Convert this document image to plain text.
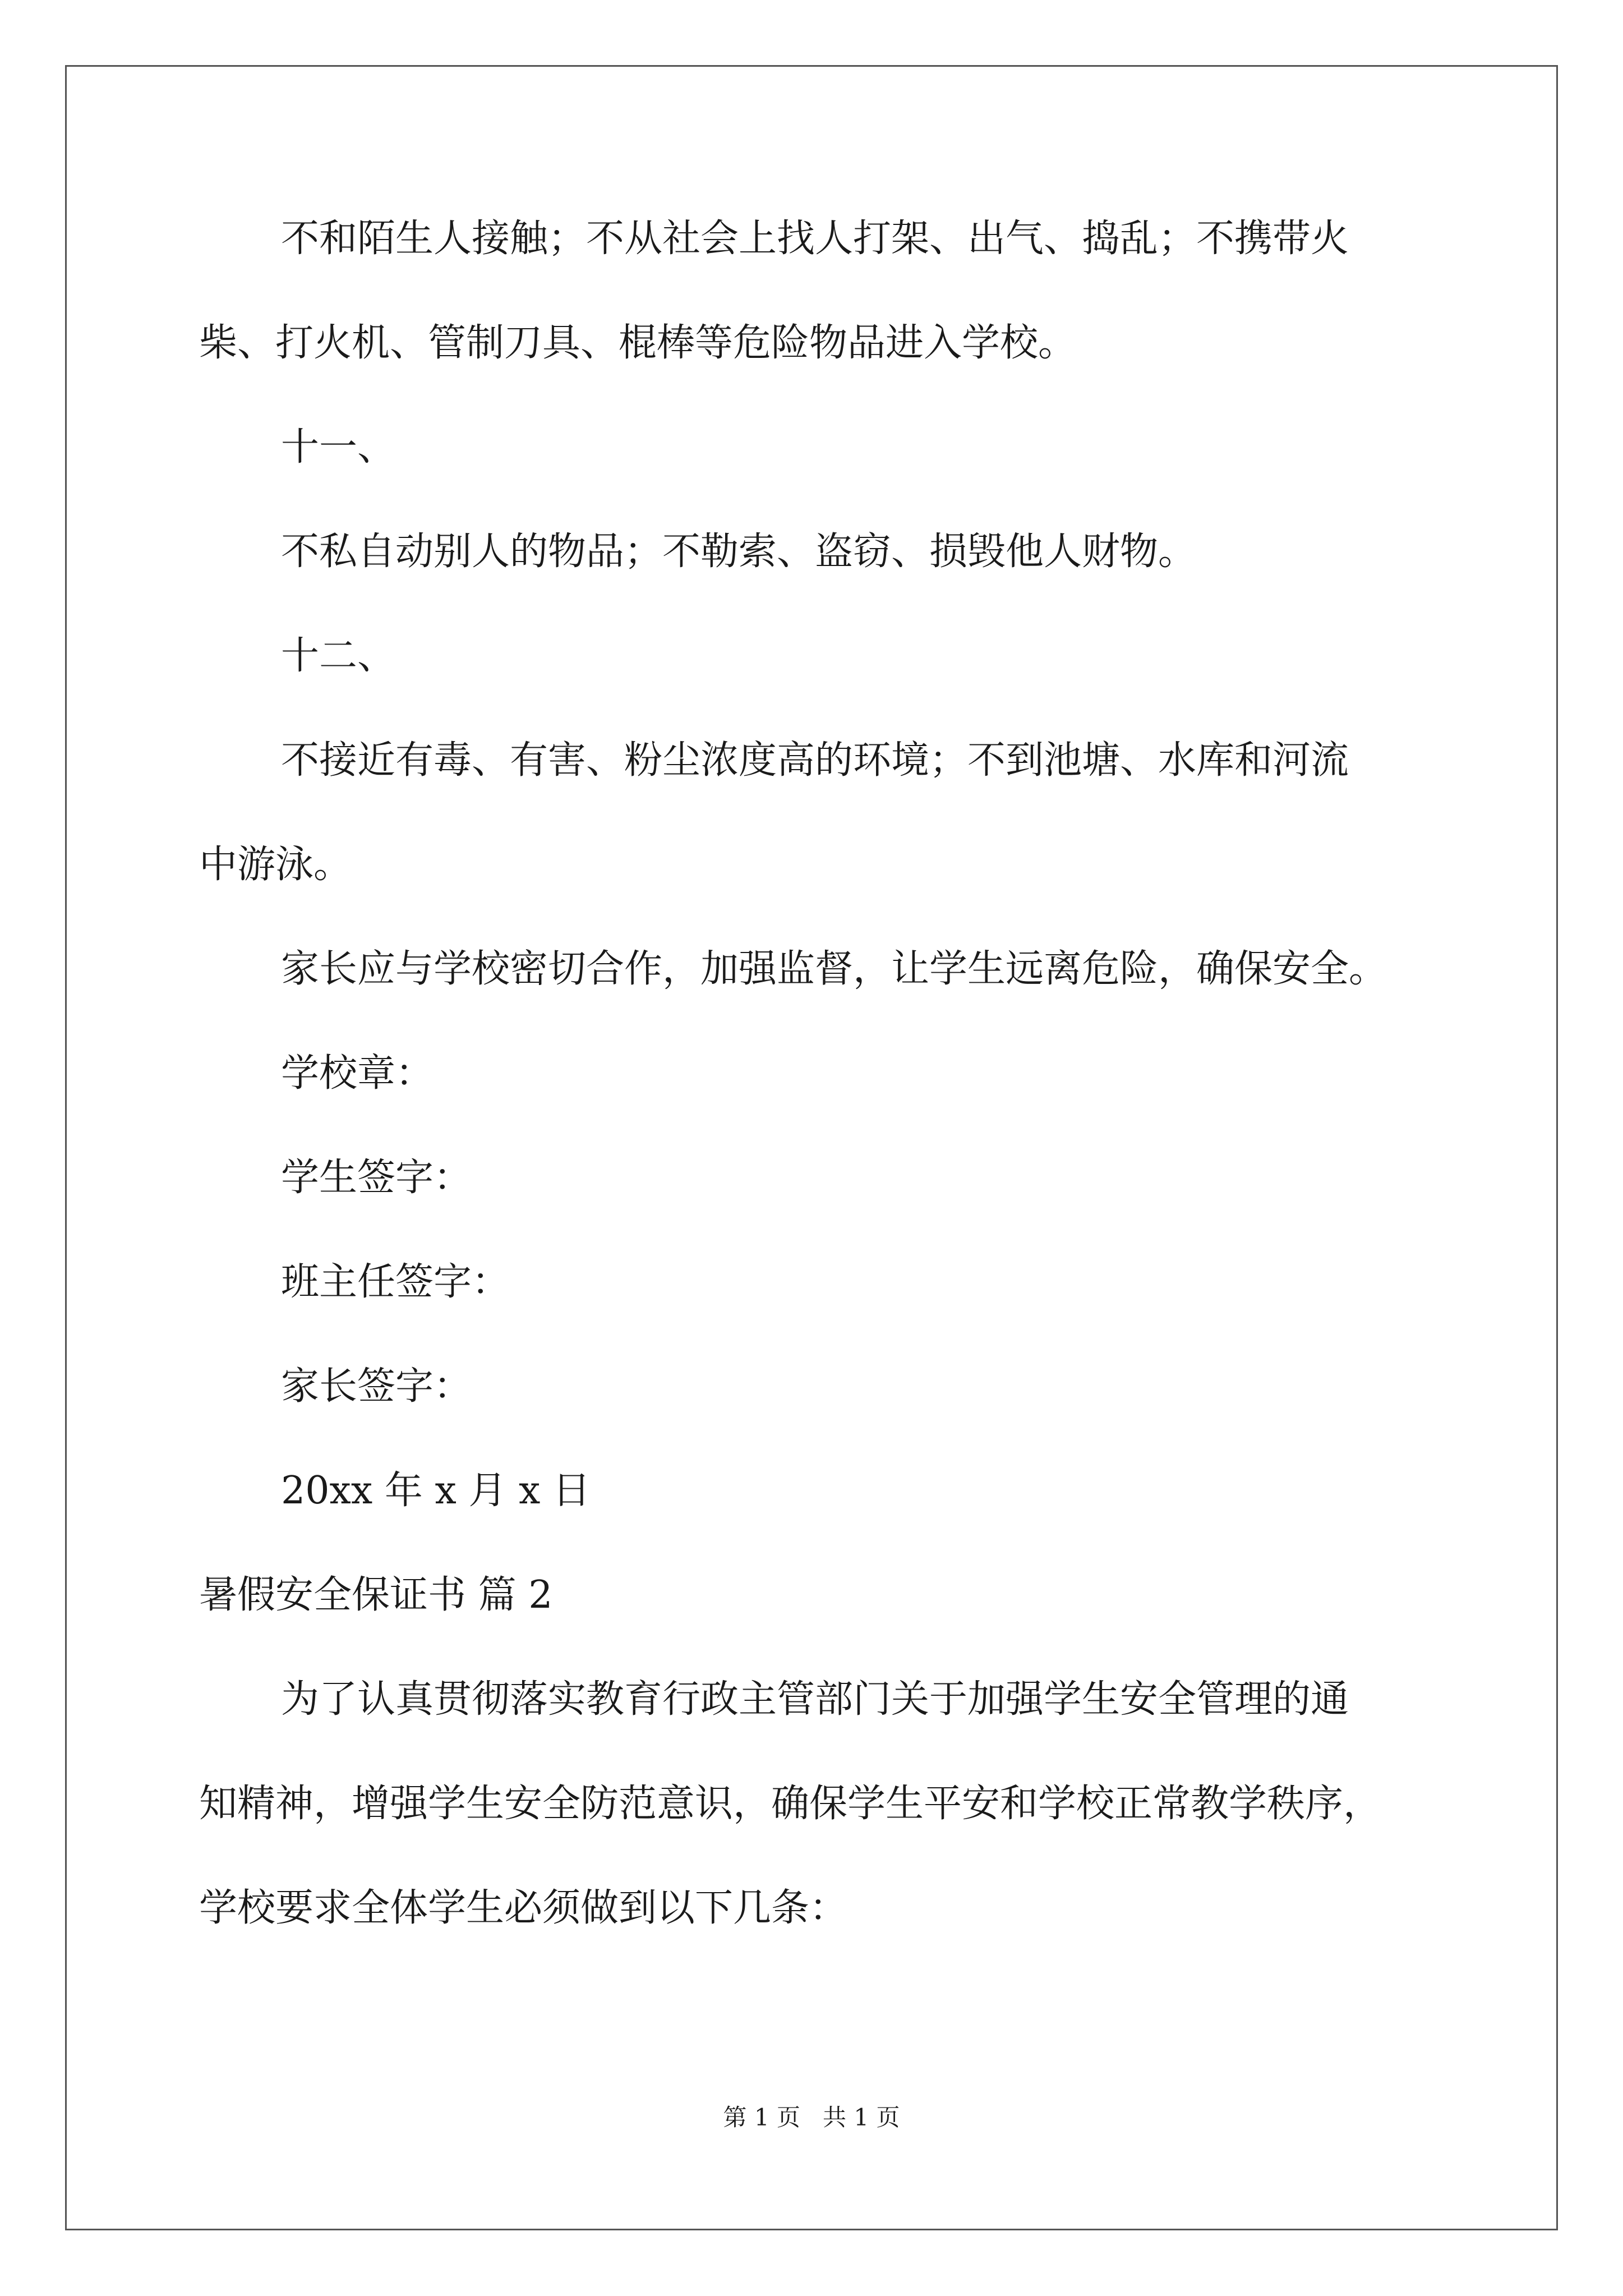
不和陌生人接触；不从社会上找人打架、出气、捣乱；不携带火
柴、打火机、管制刀具、棍棒等危险物品进入学校。
十一、
不私自动别人的物品；不勒索、盗窃、损毁他人财物。
十二、
不接近有毒、有害、粉尘浓度高的环境；不到池塘、水库和河流
中游泳。
家长应与学校密切合作，加强监督，让学生远离危险，确保安全。
学校章：
学生签字：
班主任签字：
家长签字：
20xx 年 x 月 x 日
暑假安全保证书 篇 2
为了认真贯彻落实教育行政主管部门关于加强学生安全管理的通
知精神，增强学生安全防范意识，确保学生平安和学校正常教学秩序，
学校要求全体学生必须做到以下几条：
第 1 页   共 1 页
